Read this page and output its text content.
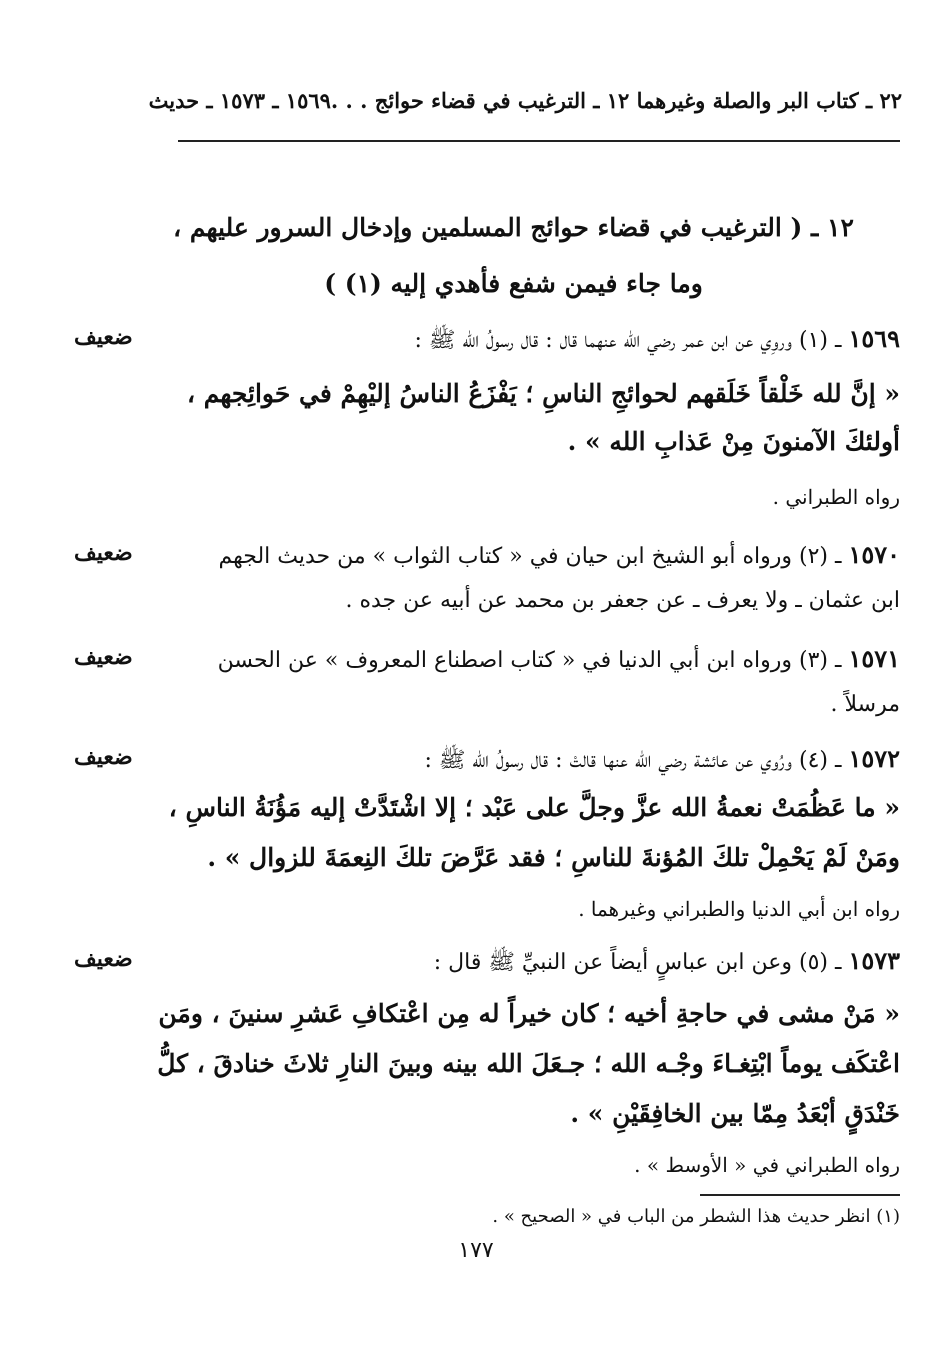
٢٢ ـ كتاب البر والصلة وغيرهما ١٢ ـ الترغيب في قضاء حوائج . . .
١٥٦٩ ـ ١٥٧٣ ـ حديث
١٢ ـ ( الترغيب في قضاء حوائج المسلمين وإدخال السرور عليهم ،
وما جاء فيمن شفع فأهدي إليه (١) )
ضعيف	١٥٦٩ ـ (١) وروِي عن ابن عمر رضي الله عنهما قال : قال رسولُ الله ﷺ :
« إنَّ لله خَلْقاً خَلَقهم لحوائجِ الناسِ ؛ يَفْزَعُ الناسُ إليْهِمْ في حَوائِجهم ،
أولئكَ الآمنونَ مِنْ عَذابِ الله » .
رواه الطبراني .
ضعيف	١٥٧٠ ـ (٢) ورواه أبو الشيخ ابن حيان في « كتاب الثواب » من حديث الجهم
ابن عثمان ـ ولا يعرف ـ عن جعفر بن محمد عن أبيه عن جده .
ضعيف	١٥٧١ ـ (٣) ورواه ابن أبي الدنيا في « كتاب اصطناع المعروف » عن الحسن
مرسلاً .
ضعيف	١٥٧٢ ـ (٤) ورُوي عن عائشة رضي الله عنها قالتْ : قال رسولُ الله ﷺ :
« ما عَظُمَتْ نعمةُ الله عزَّ وجلَّ على عَبْد ؛ إلا اشْتَدَّتْ إليه مَؤُنَةُ الناسِ ،
ومَنْ لَمْ يَحْمِلْ تلكَ المُؤنةَ للناسِ ؛ فقد عَرَّضَ تلكَ النِعمَةَ للزوال » .
رواه ابن أبي الدنيا والطبراني وغيرهما .
ضعيف	١٥٧٣ ـ (٥) وعن ابن عباسٍ أيضاً عن النبيِّ ﷺ قال :
« مَنْ مشى في حاجةِ أخيه ؛ كان خيراً له مِن اعْتكافِ عَشرِ سنينَ ، ومَن
اعْتكَف يوماً ابْتِغـاءَ وجْـه الله ؛ جـعَلَ الله بينه وبينَ النارِ ثلاثَ خنادقَ ، كلُّ
خَنْدَقٍ أبْعَدُ مِمّا بين الخافِقَيْنِ » .
رواه الطبراني في « الأوسط » .
(١) انظر حديث هذا الشطر من الباب في « الصحيح » .
١٧٧
